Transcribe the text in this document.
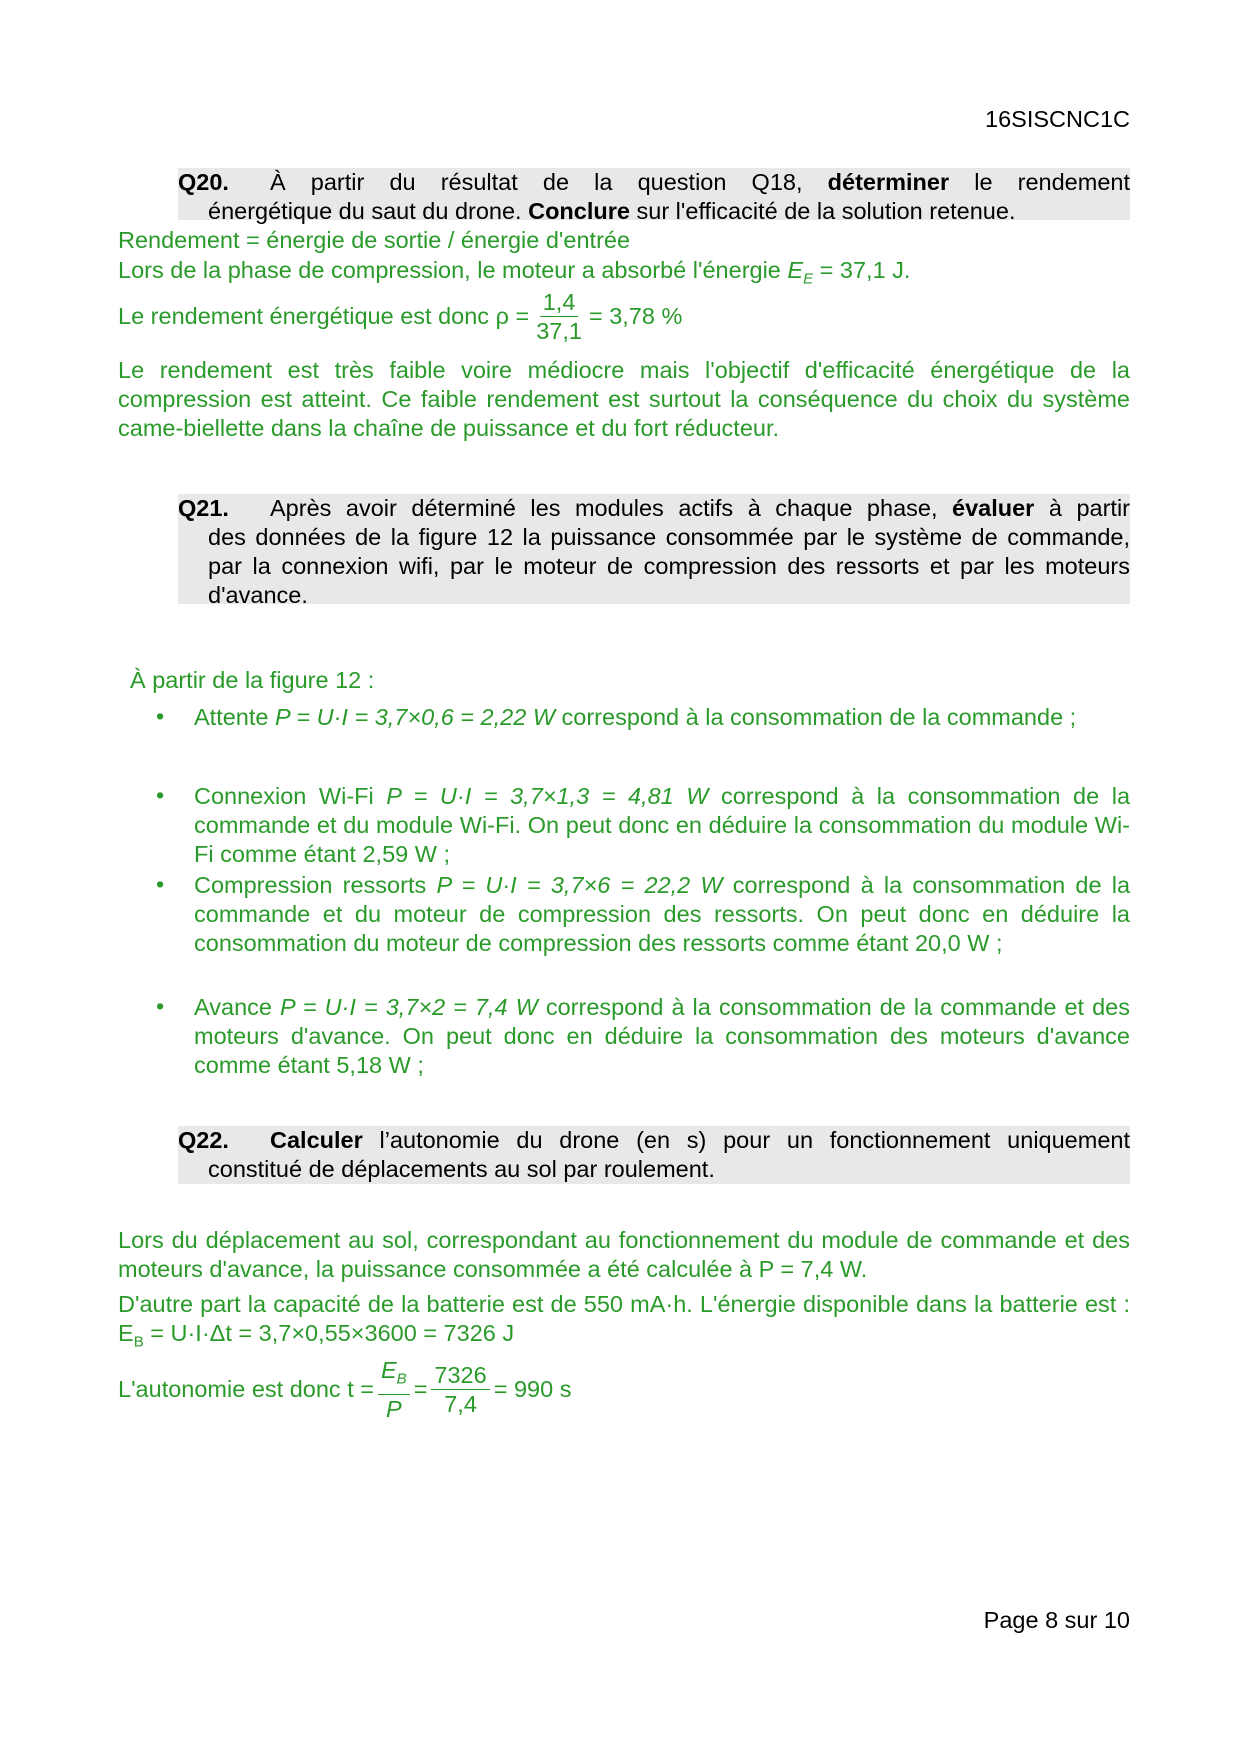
16SISCNC1C
Q20.	À partir du résultat de la question Q18, déterminer le rendement
énergétique du saut du drone. Conclure sur l'efficacité de la solution retenue.
Rendement = énergie de sortie / énergie d'entrée
Lors de la phase de compression, le moteur a absorbé l'énergie $E_E = 37,1$ J.
Le rendement énergétique est donc $\rho = \frac{1,4}{37,1} = 3,78$ %
Le rendement est très faible voire médiocre mais l'objectif d'efficacité énergétique de la compression est atteint. Ce faible rendement est surtout la conséquence du choix du système came-biellette dans la chaîne de puissance et du fort réducteur.
Q21.	Après avoir déterminé les modules actifs à chaque phase, évaluer à partir
des données de la figure 12 la puissance consommée par le système de commande, par la connexion wifi, par le moteur de compression des ressorts et par les moteurs d'avance.
À partir de la figure 12 :
• Attente P = U·I = 3,7×0,6 = 2,22 W correspond à la consommation de la commande ;
• Connexion Wi-Fi P = U·I = 3,7×1,3 = 4,81 W correspond à la consommation de la commande et du module Wi-Fi. On peut donc en déduire la consommation du module Wi-Fi comme étant 2,59 W ;
• Compression ressorts P = U·I = 3,7×6 = 22,2 W correspond à la consommation de la commande et du moteur de compression des ressorts. On peut donc en déduire la consommation du moteur de compression des ressorts comme étant 20,0 W ;
• Avance P = U·I = 3,7×2 = 7,4 W correspond à la consommation de la commande et des moteurs d'avance. On peut donc en déduire la consommation des moteurs d'avance comme étant 5,18 W ;
Q22.	Calculer l’autonomie du drone (en s) pour un fonctionnement uniquement
constitué de déplacements au sol par roulement.
Lors du déplacement au sol, correspondant au fonctionnement du module de commande et des moteurs d'avance, la puissance consommée a été calculée à P = 7,4 W.
D'autre part la capacité de la batterie est de 550 mA·h. L'énergie disponible dans la batterie est : $E_B = U\cdot I\cdot\Delta t = 3,7\times 0,55\times 3600 = 7326$ J
L'autonomie est donc $t = \frac{E_B}{P} = \frac{7326}{7,4} = 990$ s
Page 8 sur 10
